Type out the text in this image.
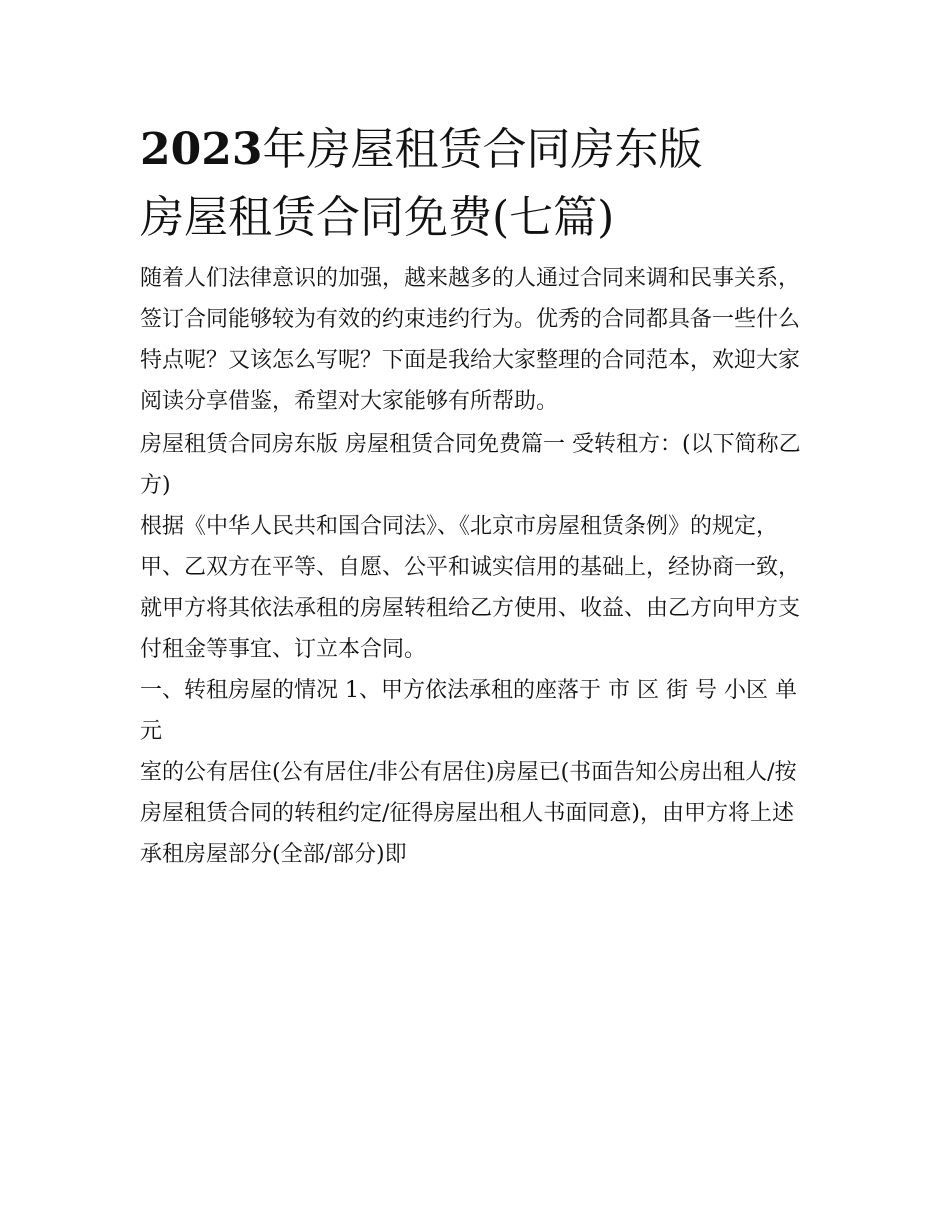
2023年房屋租赁合同房东版
房屋租赁合同免费(七篇)

随着人们法律意识的加强，越来越多的人通过合同来调和民事关系，签订合同能够较为有效的约束违约行为。优秀的合同都具备一些什么特点呢？又该怎么写呢？下面是我给大家整理的合同范本，欢迎大家阅读分享借鉴，希望对大家能够有所帮助。

房屋租赁合同房东版 房屋租赁合同免费篇一 受转租方：(以下简称乙方)

根据《中华人民共和国合同法》、《北京市房屋租赁条例》的规定，甲、乙双方在平等、自愿、公平和诚实信用的基础上，经协商一致，就甲方将其依法承租的房屋转租给乙方使用、收益、由乙方向甲方支付租金等事宜、订立本合同。

一、转租房屋的情况 1、甲方依法承租的座落于 市 区 街 号 小区 单元

室的公有居住(公有居住/非公有居住)房屋已(书面告知公房出租人/按房屋租赁合同的转租约定/征得房屋出租人书面同意)，由甲方将上述承租房屋部分(全部/部分)即
